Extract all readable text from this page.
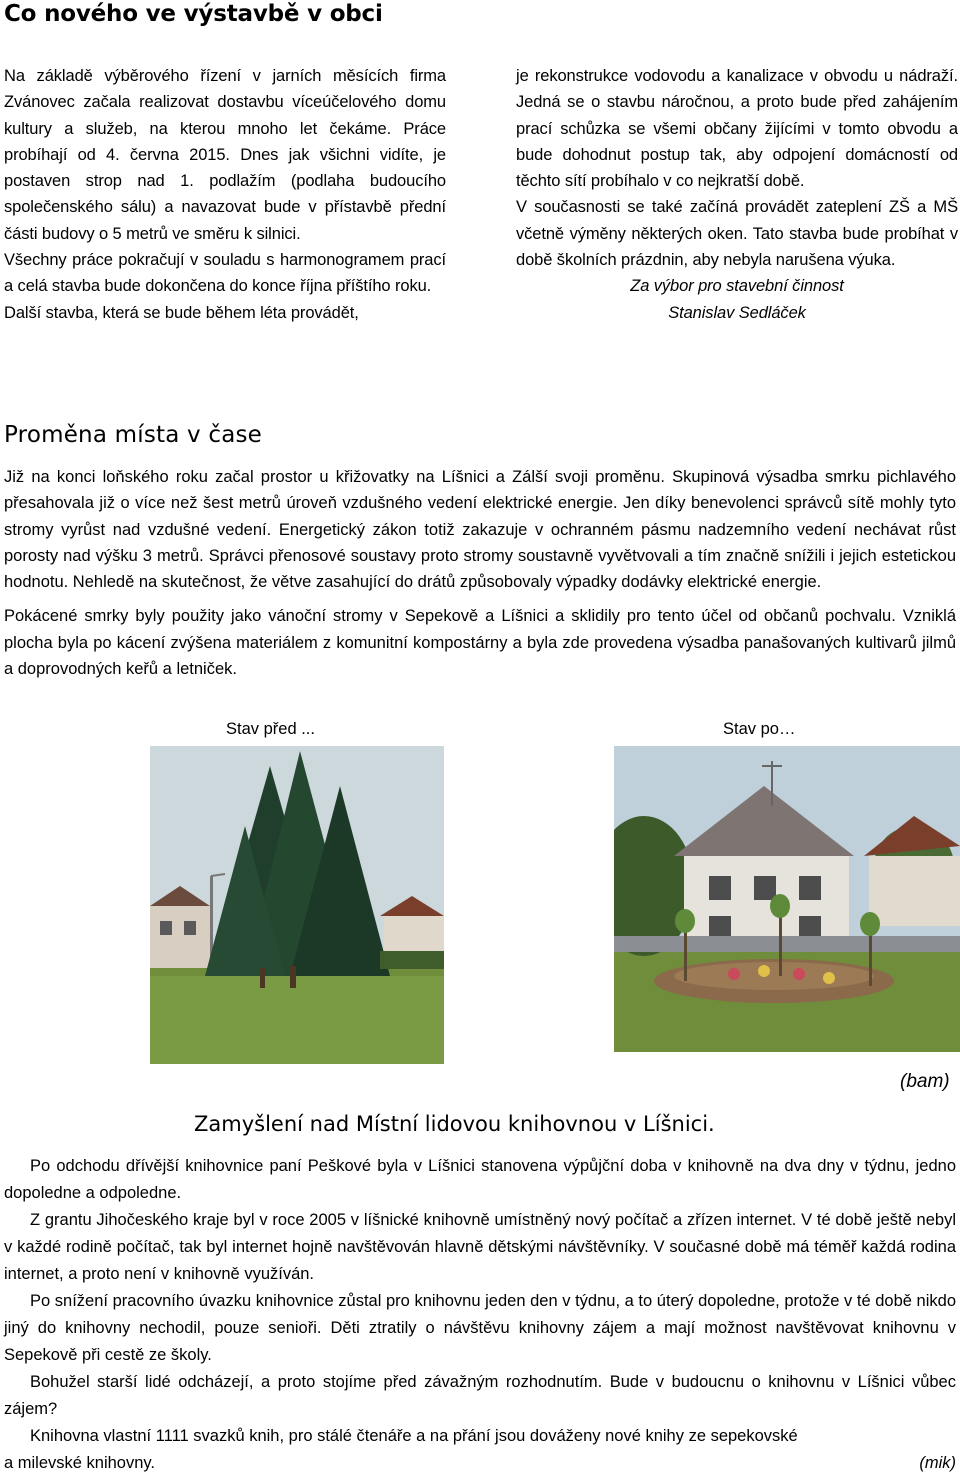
Co nového ve výstavbě v obci

Na základě výběrového řízení v jarních měsících firma Zvánovec začala realizovat dostavbu víceúčelového domu kultury a služeb, na kterou mnoho let čekáme. Práce probíhají od 4. června 2015. Dnes jak všichni vidíte, je postaven strop nad 1. podlažím (podlaha budoucího společenského sálu) a navazovat bude v přístavbě přední části budovy o 5 metrů ve směru k silnici.

Všechny práce pokračují v souladu s harmonogramem prací a celá stavba bude dokončena do konce října příštího roku.

Další stavba, která se bude během léta provádět,

je rekonstrukce vodovodu a kanalizace v obvodu u nádraží. Jedná se o stavbu náročnou, a proto bude před zahájením prací schůzka se všemi občany žijícími v tomto obvodu a bude dohodnut postup tak, aby odpojení domácností od těchto sítí probíhalo v co nejkratší době.

V současnosti se také začíná provádět zateplení ZŠ a MŠ včetně výměny některých oken. Tato stavba bude probíhat v době školních prázdnin, aby nebyla narušena výuka.

Za výbor pro stavební činnost

Stanislav Sedláček

Proměna místa v čase

Již na konci loňského roku začal prostor u křižovatky na Líšnici a Zálší svoji proměnu. Skupinová výsadba smrku pichlavého přesahovala již o více než šest metrů úroveň vzdušného vedení elektrické energie. Jen díky benevolenci správců sítě mohly tyto stromy vyrůst nad vzdušné vedení. Energetický zákon totiž zakazuje v ochranném pásmu nadzemního vedení nechávat růst porosty nad výšku 3 metrů. Správci přenosové soustavy proto stromy soustavně vyvětvovali a tím značně snížili i jejich estetickou hodnotu. Nehledě na skutečnost, že větve zasahující do drátů způsobovaly výpadky dodávky elektrické energie.

Pokácené smrky byly použity jako vánoční stromy v Sepekově a Líšnici a sklidily pro tento účel od občanů pochvalu. Vzniklá plocha byla po kácení zvýšena materiálem z komunitní kompostárny a byla zde provedena výsadba panašovaných kultivarů jilmů a doprovodných keřů a letniček.

Stav před ...	Stav po…
(bam)
Zamyšlení nad Místní lidovou knihovnou v Líšnici.

Po odchodu dřívější knihovnice paní Peškové byla v Líšnici stanovena výpůjční doba v knihovně na dva dny v týdnu, jedno dopoledne a odpoledne.

Z grantu Jihočeského kraje byl v roce 2005 v líšnické knihovně umístněný nový počítač a zřízen internet. V té době ještě nebyl v každé rodině počítač, tak byl internet hojně navštěvován hlavně dětskými návštěvníky. V současné době má téměř každá rodina internet, a proto není v knihovně využíván.

Po snížení pracovního úvazku knihovnice zůstal pro knihovnu jeden den v týdnu, a to úterý dopoledne, protože v té době nikdo jiný do knihovny nechodil, pouze senioři. Děti ztratily o návštěvu knihovny zájem a mají možnost navštěvovat knihovnu v Sepekově při cestě ze školy.

Bohužel starší lidé odcházejí, a proto stojíme před závažným rozhodnutím. Bude v budoucnu o knihovnu v Líšnici vůbec zájem?

Knihovna vlastní 1111 svazků knih, pro stálé čtenáře a na přání jsou dováženy nové knihy ze sepekovské

a milevské knihovny.	(mik)
